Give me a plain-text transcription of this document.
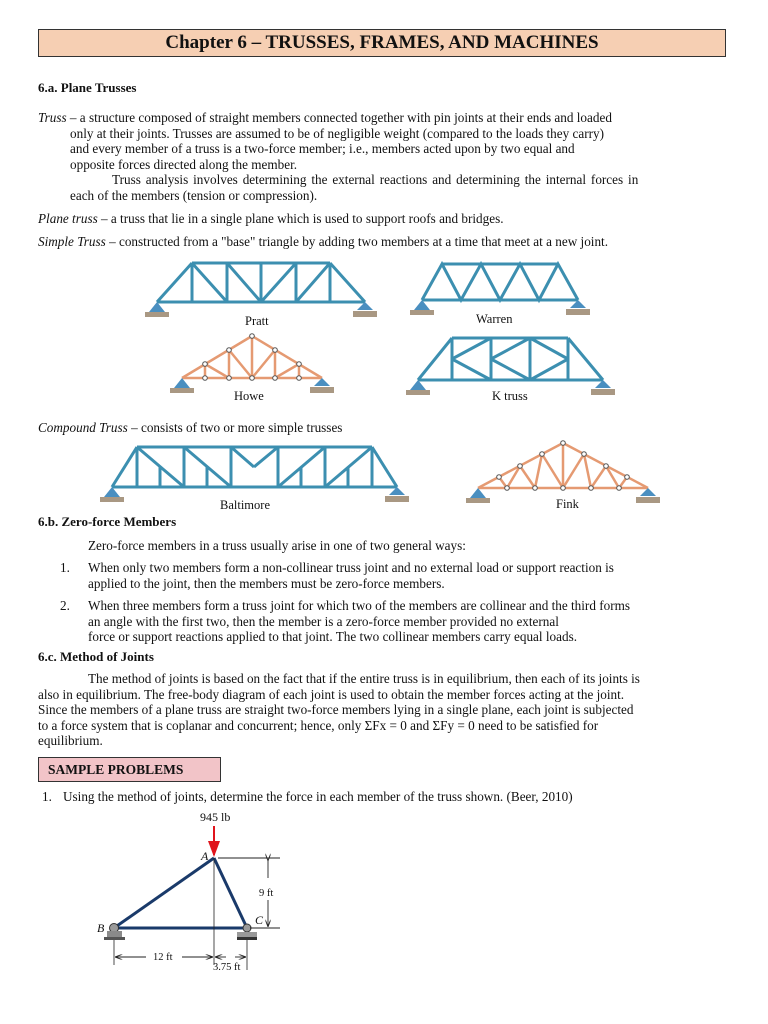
Chapter 6 – TRUSSES, FRAMES, AND MACHINES
6.a. Plane Trusses
Truss – a structure composed of straight members connected together with pin joints at their ends and loaded
only at their joints. Trusses are assumed to be of negligible weight (compared to the loads they carry)
and every member of a truss is a two-force member; i.e., members acted upon by two equal and
opposite forces directed along the member.
Truss analysis involves determining the external reactions and determining the internal forces in
each of the members (tension or compression).
Plane truss – a truss that lie in a single plane which is used to support roofs and bridges.
Simple Truss – constructed from a "base" triangle by adding two members at a time that meet at a new joint.
Pratt	Warren
Howe	K truss
Compound Truss – consists of two or more simple trusses
Baltimore	Fink
6.b. Zero-force Members
Zero-force members in a truss usually arise in one of two general ways:
1. When only two members form a non-collinear truss joint and no external load or support reaction is
applied to the joint, then the members must be zero-force members.
2. When three members form a truss joint for which two of the members are collinear and the third forms
an angle with the first two, then the member is a zero-force member provided no external
force or support reactions applied to that joint. The two collinear members carry equal loads.
6.c. Method of Joints
The method of joints is based on the fact that if the entire truss is in equilibrium, then each of its joints is
also in equilibrium. The free-body diagram of each joint is used to obtain the member forces acting at the joint.
Since the members of a plane truss are straight two-force members lying in a single plane, each joint is subjected
to a force system that is coplanar and concurrent; hence, only ΣFx = 0 and ΣFy = 0 need to be satisfied for
equilibrium.
SAMPLE PROBLEMS
1. Using the method of joints, determine the force in each member of the truss shown. (Beer, 2010)
945 lb
A
B
C
9 ft
12 ft
3.75 ft
